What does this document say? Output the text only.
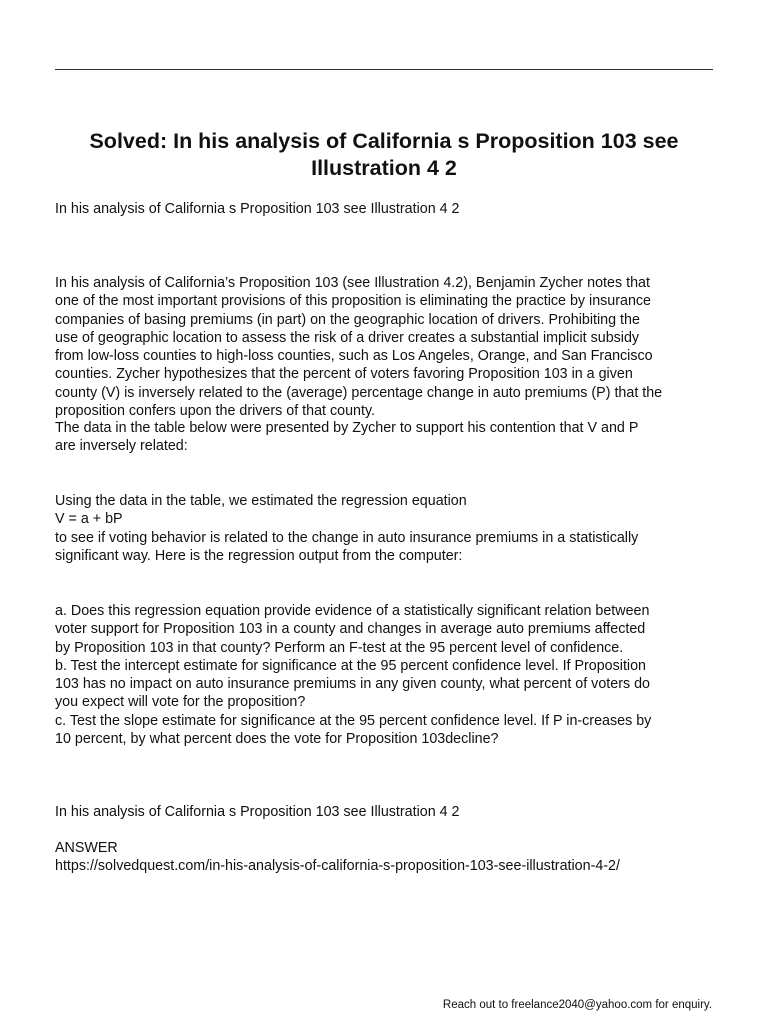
Solved: In his analysis of California s Proposition 103 see
Illustration 4 2

In his analysis of California s Proposition 103 see Illustration 4 2

In his analysis of California’s Proposition 103 (see Illustration 4.2), Benjamin Zycher notes that
one of the most important provisions of this proposition is eliminating the practice by insurance
companies of basing premiums (in part) on the geographic location of drivers. Prohibiting the
use of geographic location to assess the risk of a driver creates a substantial implicit subsidy
from low-loss counties to high-loss counties, such as Los Angeles, Orange, and San Francisco
counties. Zycher hypothesizes that the percent of voters favoring Proposition 103 in a given
county (V) is inversely related to the (average) percentage change in auto premiums (P) that the
proposition confers upon the drivers of that county.
The data in the table below were presented by Zycher to support his contention that V and P
are inversely related:
Using the data in the table, we estimated the regression equation
V = a + bP
to see if voting behavior is related to the change in auto insurance premiums in a statistically
significant way. Here is the regression output from the computer:
a. Does this regression equation provide evidence of a statistically significant relation between
voter support for Proposition 103 in a county and changes in average auto premiums affected
by Proposition 103 in that county? Perform an F-test at the 95 percent level of confidence.
b. Test the intercept estimate for significance at the 95 percent confidence level. If Proposition
103 has no impact on auto insurance premiums in any given county, what percent of voters do
you expect will vote for the proposition?
c. Test the slope estimate for significance at the 95 percent confidence level. If P in-creases by
10 percent, by what percent does the vote for Proposition 103decline?

In his analysis of California s Proposition 103 see Illustration 4 2

ANSWER
https://solvedquest.com/in-his-analysis-of-california-s-proposition-103-see-illustration-4-2/

Reach out to freelance2040@yahoo.com for enquiry.
